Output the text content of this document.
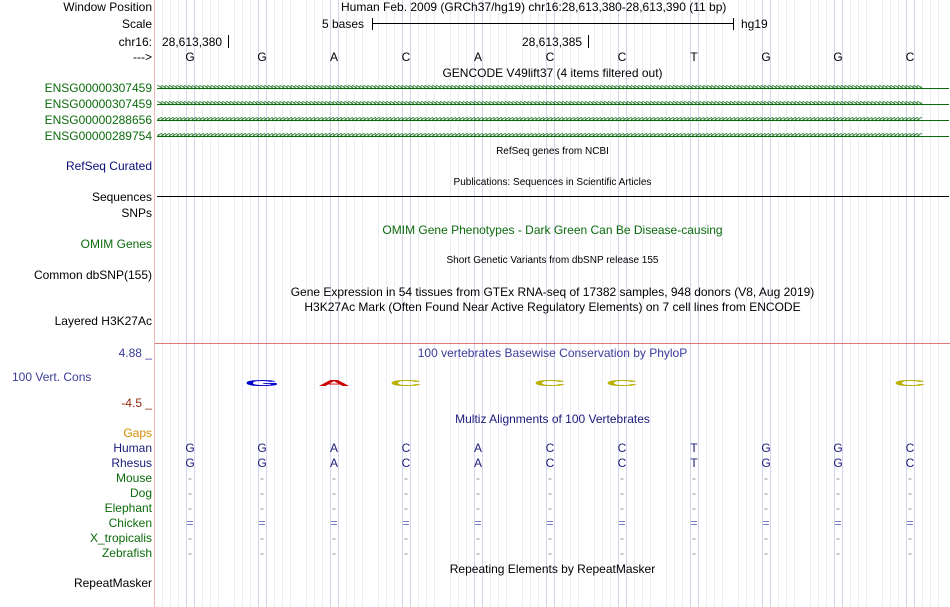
Window Position	Human Feb. 2009 (GRCh37/hg19) chr16:28,613,380-28,613,390 (11 bp)
Scale	5 bases	hg19
chr16: 28,613,380	28,613,385
--->	G	G	A	C	A	C	C	T	G	G	C
GENCODE V49lift37 (4 items filtered out)
ENSG00000307459 >>>>>>>>>>>>>>>>>>>>>>>>>>>>>>>>>>>>>>>>>>>>>>>>>>>>>>>>>>>>>>>>>>>>>>>>>>>>>>>>>>>>>>>>>>>>>>>>>>>>>>>>>>>>>>>>>>>>>>>>>>>>>>>>>>>>>>>>>>>>>>>>>>>>>>>>>>>>>>>>>>>>>>>>>>>>>>>>>>>>>>>>>>>>>>>>>>>>>>>>
ENSG00000307459 >>>>>>>>>>>>>>>>>>>>>>>>>>>>>>>>>>>>>>>>>>>>>>>>>>>>>>>>>>>>>>>>>>>>>>>>>>>>>>>>>>>>>>>>>>>>>>>>>>>>>>>>>>>>>>>>>>>>>>>>>>>>>>>>>>>>>>>>>>>>>>>>>>>>>>>>>>>>>>>>>>>>>>>>>>>>>>>>>>>>>>>>>>>>>>>>>>>>>>>>
ENSG00000288656 <<<<<<<<<<<<<<<<<<<<<<<<<<<<<<<<<<<<<<<<<<<<<<<<<<<<<<<<<<<<<<<<<<<<<<<<<<<<<<<<<<<<<<<<<<<<<<<<<<<<<<<<<<<<<<<<<<<<<<<<<<<<<<<<<<<<<<<<<<<<<<<<<<<<<<<<<<<<<<<<<<<<<<<<<<<<<<<<<<<<<<<<<<<<<<<<<<<<<<<<
ENSG00000289754 <<<<<<<<<<<<<<<<<<<<<<<<<<<<<<<<<<<<<<<<<<<<<<<<<<<<<<<<<<<<<<<<<<<<<<<<<<<<<<<<<<<<<<<<<<<<<<<<<<<<<<<<<<<<<<<<<<<<<<<<<<<<<<<<<<<<<<<<<<<<<<<<<<<<<<<<<<<<<<<<<<<<<<<<<<<<<<<<<<<<<<<<<<<<<<<<<<<<<<<<
RefSeq genes from NCBI
RefSeq Curated
Publications: Sequences in Scientific Articles
Sequences
SNPs
OMIM Gene Phenotypes - Dark Green Can Be Disease-causing
OMIM Genes
Short Genetic Variants from dbSNP release 155
Common dbSNP(155)
Gene Expression in 54 tissues from GTEx RNA-seq of 17382 samples, 948 donors (V8, Aug 2019)
H3K27Ac Mark (Often Found Near Active Regulatory Elements) on 7 cell lines from ENCODE
Layered H3K27Ac
4.88 _	100 vertebrates Basewise Conservation by PhyloP
100 Vert. Cons	G	A	C	C	C	C
-4.5 _
Multiz Alignments of 100 Vertebrates
Gaps
Human	G	G	A	C	A	C	C	T	G	G	C
Rhesus	G	G	A	C	A	C	C	T	G	G	C
Mouse	-	-	-	-	-	-	-	-	-	-	-
Dog	-	-	-	-	-	-	-	-	-	-	-
Elephant	-	-	-	-	-	-	-	-	-	-	-
Chicken	=	=	=	=	=	=	=	=	=	=	=
X_tropicalis	-	-	-	-	-	-	-	-	-	-	-
Zebrafish	-	-	-	-	-	-	-	-	-	-	-
Repeating Elements by RepeatMasker
RepeatMasker
